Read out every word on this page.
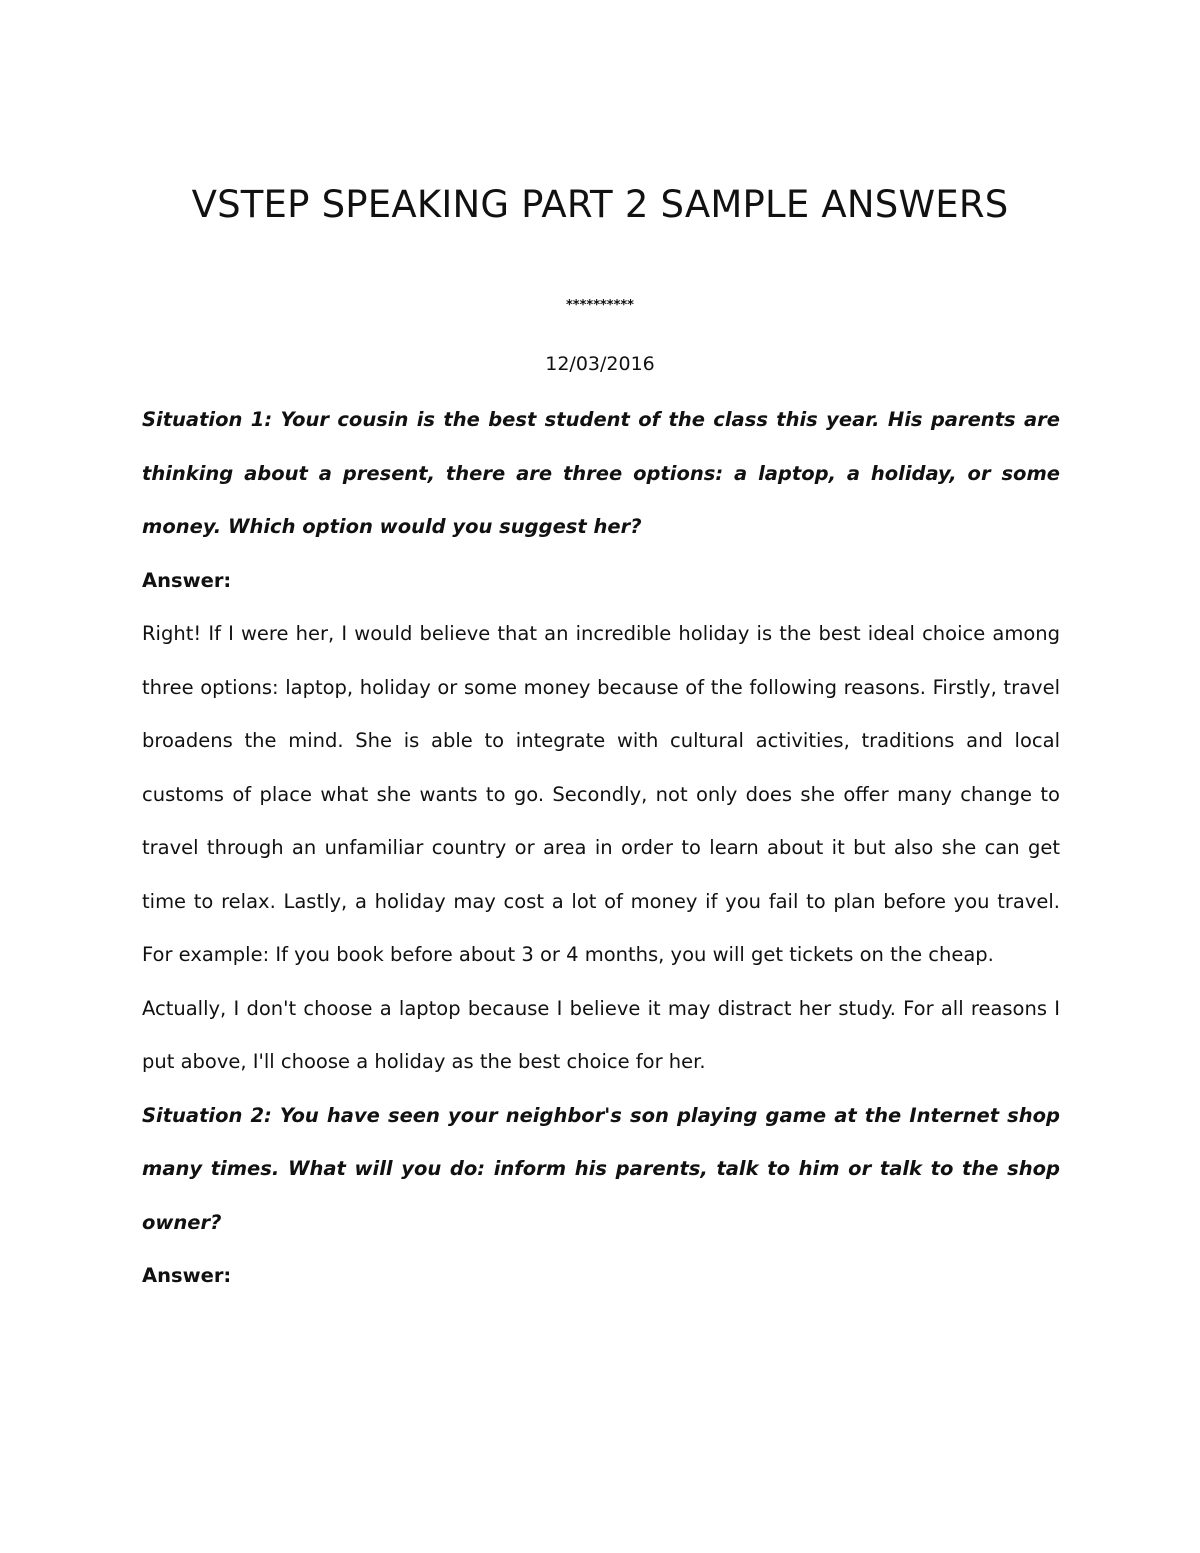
VSTEP SPEAKING PART 2 SAMPLE ANSWERS
**********
12/03/2016

Situation 1: Your cousin is the best student of the class this year. His parents are thinking about a present, there are three options: a laptop, a holiday, or some money. Which option would you suggest her?

Answer:

Right! If I were her, I would believe that an incredible holiday is the best ideal choice among three options: laptop, holiday or some money because of the following reasons. Firstly, travel broadens the mind. She is able to integrate with cultural activities, traditions and local customs of place what she wants to go. Secondly, not only does she offer many change to travel through an unfamiliar country or area in order to learn about it but also she can get time to relax. Lastly, a holiday may cost a lot of money if you fail to plan before you travel. For example: If you book before about 3 or 4 months, you will get tickets on the cheap.

Actually, I don't choose a laptop because I believe it may distract her study. For all reasons I put above, I'll choose a holiday as the best choice for her.

Situation 2: You have seen your neighbor's son playing game at the Internet shop many times. What will you do: inform his parents, talk to him or talk to the shop owner?

Answer:
